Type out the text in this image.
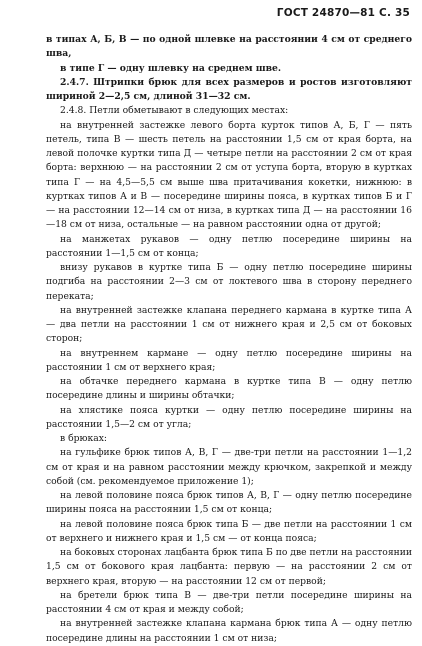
ГОСТ 24870—81 С. 35

в типах А, Б, В — по одной шлевке на расстоянии 4 см от среднего шва,

в типе Г — одну шлевку на среднем шве.

2.4.7. Штрипки брюк для всех размеров и ростов изготовляют шириной 2—2,5 см, длиной 31—32 см.

2.4.8. Петли обметывают в следующих местах:

на внутренней застежке левого борта курток типов А, Б, Г — пять петель, типа В — шесть петель на расстоянии 1,5 см от края борта, на левой полочке куртки типа Д — четыре петли на расстоянии 2 см от края борта: верхнюю — на расстоянии 2 см от уступа борта, вторую в куртках типа Г — на 4,5—5,5 см выше шва притачивания кокетки, нижнюю: в куртках типов А и В — посередине ширины пояса, в куртках типов Б и Г — на расстоянии 12—14 см от низа, в куртках типа Д — на расстоянии 16—18 см от низа, остальные — на равном расстоянии одна от другой;

на манжетах рукавов — одну петлю посередине ширины на расстоянии 1—1,5 см от конца;

внизу рукавов в куртке типа Б — одну петлю посередине ширины подгиба на расстоянии 2—3 см от локтевого шва в сторону переднего переката;

на внутренней застежке клапана переднего кармана в куртке типа А — два петли на расстоянии 1 см от нижнего края и 2,5 см от боковых сторон;

на внутреннем кармане — одну петлю посередине ширины на расстоянии 1 см от верхнего края;

на обтачке переднего кармана в куртке типа В — одну петлю посередине длины и ширины обтачки;

на хлястике пояса куртки — одну петлю посередине ширины на расстоянии 1,5—2 см от угла;

в брюках:

на гульфике брюк типов А, В, Г — две-три петли на расстоянии 1—1,2 см от края и на равном расстоянии между крючком, закрепкой и между собой (см. рекомендуемое приложение 1);

на левой половине пояса брюк типов А, В, Г — одну петлю посередине ширины пояса на расстоянии 1,5 см от конца;

на левой половине пояса брюк типа Б — две петли на расстоянии 1 см от верхнего и нижнего края и 1,5 см — от конца пояса;

на боковых сторонах лацбанта брюк типа Б по две петли на расстоянии 1,5 см от бокового края лацбанта: первую — на расстоянии 2 см от верхнего края, вторую — на расстоянии 12 см от первой;

на бретели брюк типа В — две-три петли посередине ширины на расстоянии 4 см от края и между собой;

на внутренней застежке клапана кармана брюк типа А — одну петлю посередине длины на расстоянии 1 см от низа;
